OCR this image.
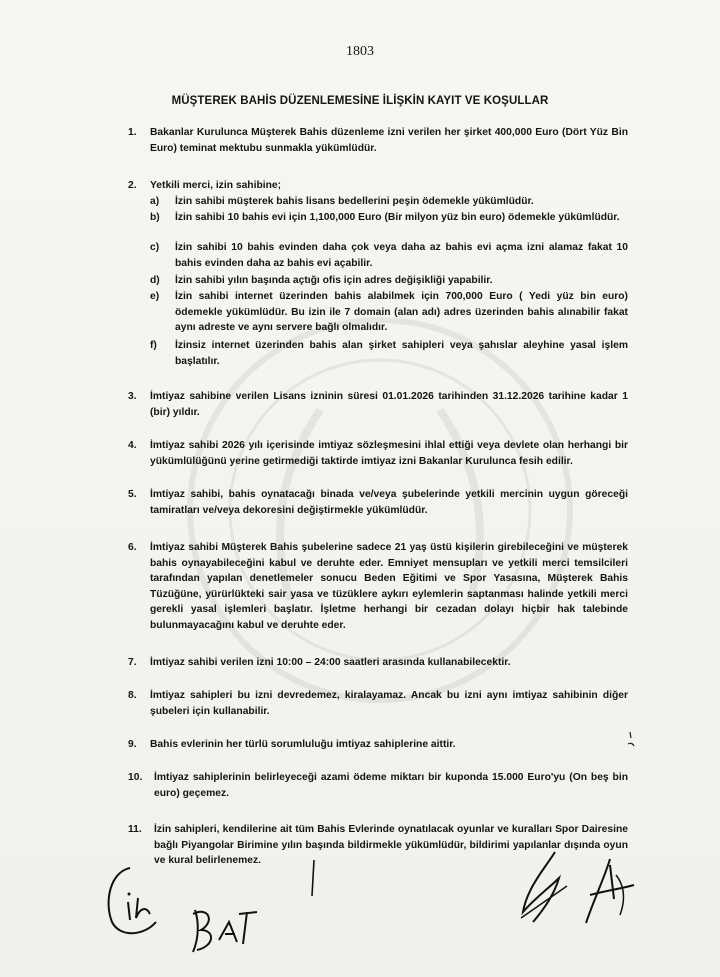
1803
MÜŞTEREK BAHİS DÜZENLEMESİNE İLİŞKİN KAYIT VE KOŞULLAR
1. Bakanlar Kurulunca Müşterek Bahis düzenleme izni verilen her şirket 400,000 Euro (Dört Yüz Bin Euro) teminat mektubu sunmakla yükümlüdür.
2. Yetkili merci, izin sahibine;
a) İzin sahibi müşterek bahis lisans bedellerini peşin ödemekle yükümlüdür.
b) İzin sahibi 10 bahis evi için 1,100,000 Euro (Bir milyon yüz bin euro) ödemekle yükümlüdür.
c) İzin sahibi 10 bahis evinden daha çok veya daha az bahis evi açma izni alamaz fakat 10 bahis evinden daha az bahis evi açabilir.
d) İzin sahibi yılın başında açtığı ofis için adres değişikliği yapabilir.
e) İzin sahibi internet üzerinden bahis alabilmek için 700,000 Euro ( Yedi yüz bin euro) ödemekle yükümlüdür. Bu izin ile 7 domain (alan adı) adres üzerinden bahis alınabilir fakat aynı adreste ve aynı servere bağlı olmalıdır.
f) İzinsiz internet üzerinden bahis alan şirket sahipleri veya şahıslar aleyhine yasal işlem başlatılır.
3. İmtiyaz sahibine verilen Lisans izninin süresi 01.01.2026 tarihinden 31.12.2026 tarihine kadar 1 (bir) yıldır.
4. İmtiyaz sahibi 2026 yılı içerisinde imtiyaz sözleşmesini ihlal ettiği veya devlete olan herhangi bir yükümlülüğünü yerine getirmediği taktirde imtiyaz izni Bakanlar Kurulunca fesih edilir.
5. İmtiyaz sahibi, bahis oynatacağı binada ve/veya şubelerinde yetkili mercinin uygun göreceği tamiratları ve/veya dekoresini değiştirmekle yükümlüdür.
6. İmtiyaz sahibi Müşterek Bahis şubelerine sadece 21 yaş üstü kişilerin girebileceğini ve müşterek bahis oynayabileceğini kabul ve deruhte eder. Emniyet mensupları ve yetkili merci temsilcileri tarafından yapılan denetlemeler sonucu Beden Eğitimi ve Spor Yasasına, Müşterek Bahis Tüzüğüne, yürürlükteki sair yasa ve tüzüklere aykırı eylemlerin saptanması halinde yetkili merci gerekli yasal işlemleri başlatır. İşletme herhangi bir cezadan dolayı hiçbir hak talebinde bulunmayacağını kabul ve deruhte eder.
7. İmtiyaz sahibi verilen izni 10:00 – 24:00 saatleri arasında kullanabilecektir.
8. İmtiyaz sahipleri bu izni devredemez, kiralayamaz. Ancak bu izni aynı imtiyaz sahibinin diğer şubeleri için kullanabilir.
9. Bahis evlerinin her türlü sorumluluğu imtiyaz sahiplerine aittir.
10. İmtiyaz sahiplerinin belirleyeceği azami ödeme miktarı bir kuponda 15.000 Euro'yu (On beş bin euro) geçemez.
11. İzin sahipleri, kendilerine ait tüm Bahis Evlerinde oynatılacak oyunlar ve kuralları Spor Dairesine bağlı Piyangolar Birimine yılın başında bildirmekle yükümlüdür, bildirimi yapılanlar dışında oyun ve kural belirlenemez.
